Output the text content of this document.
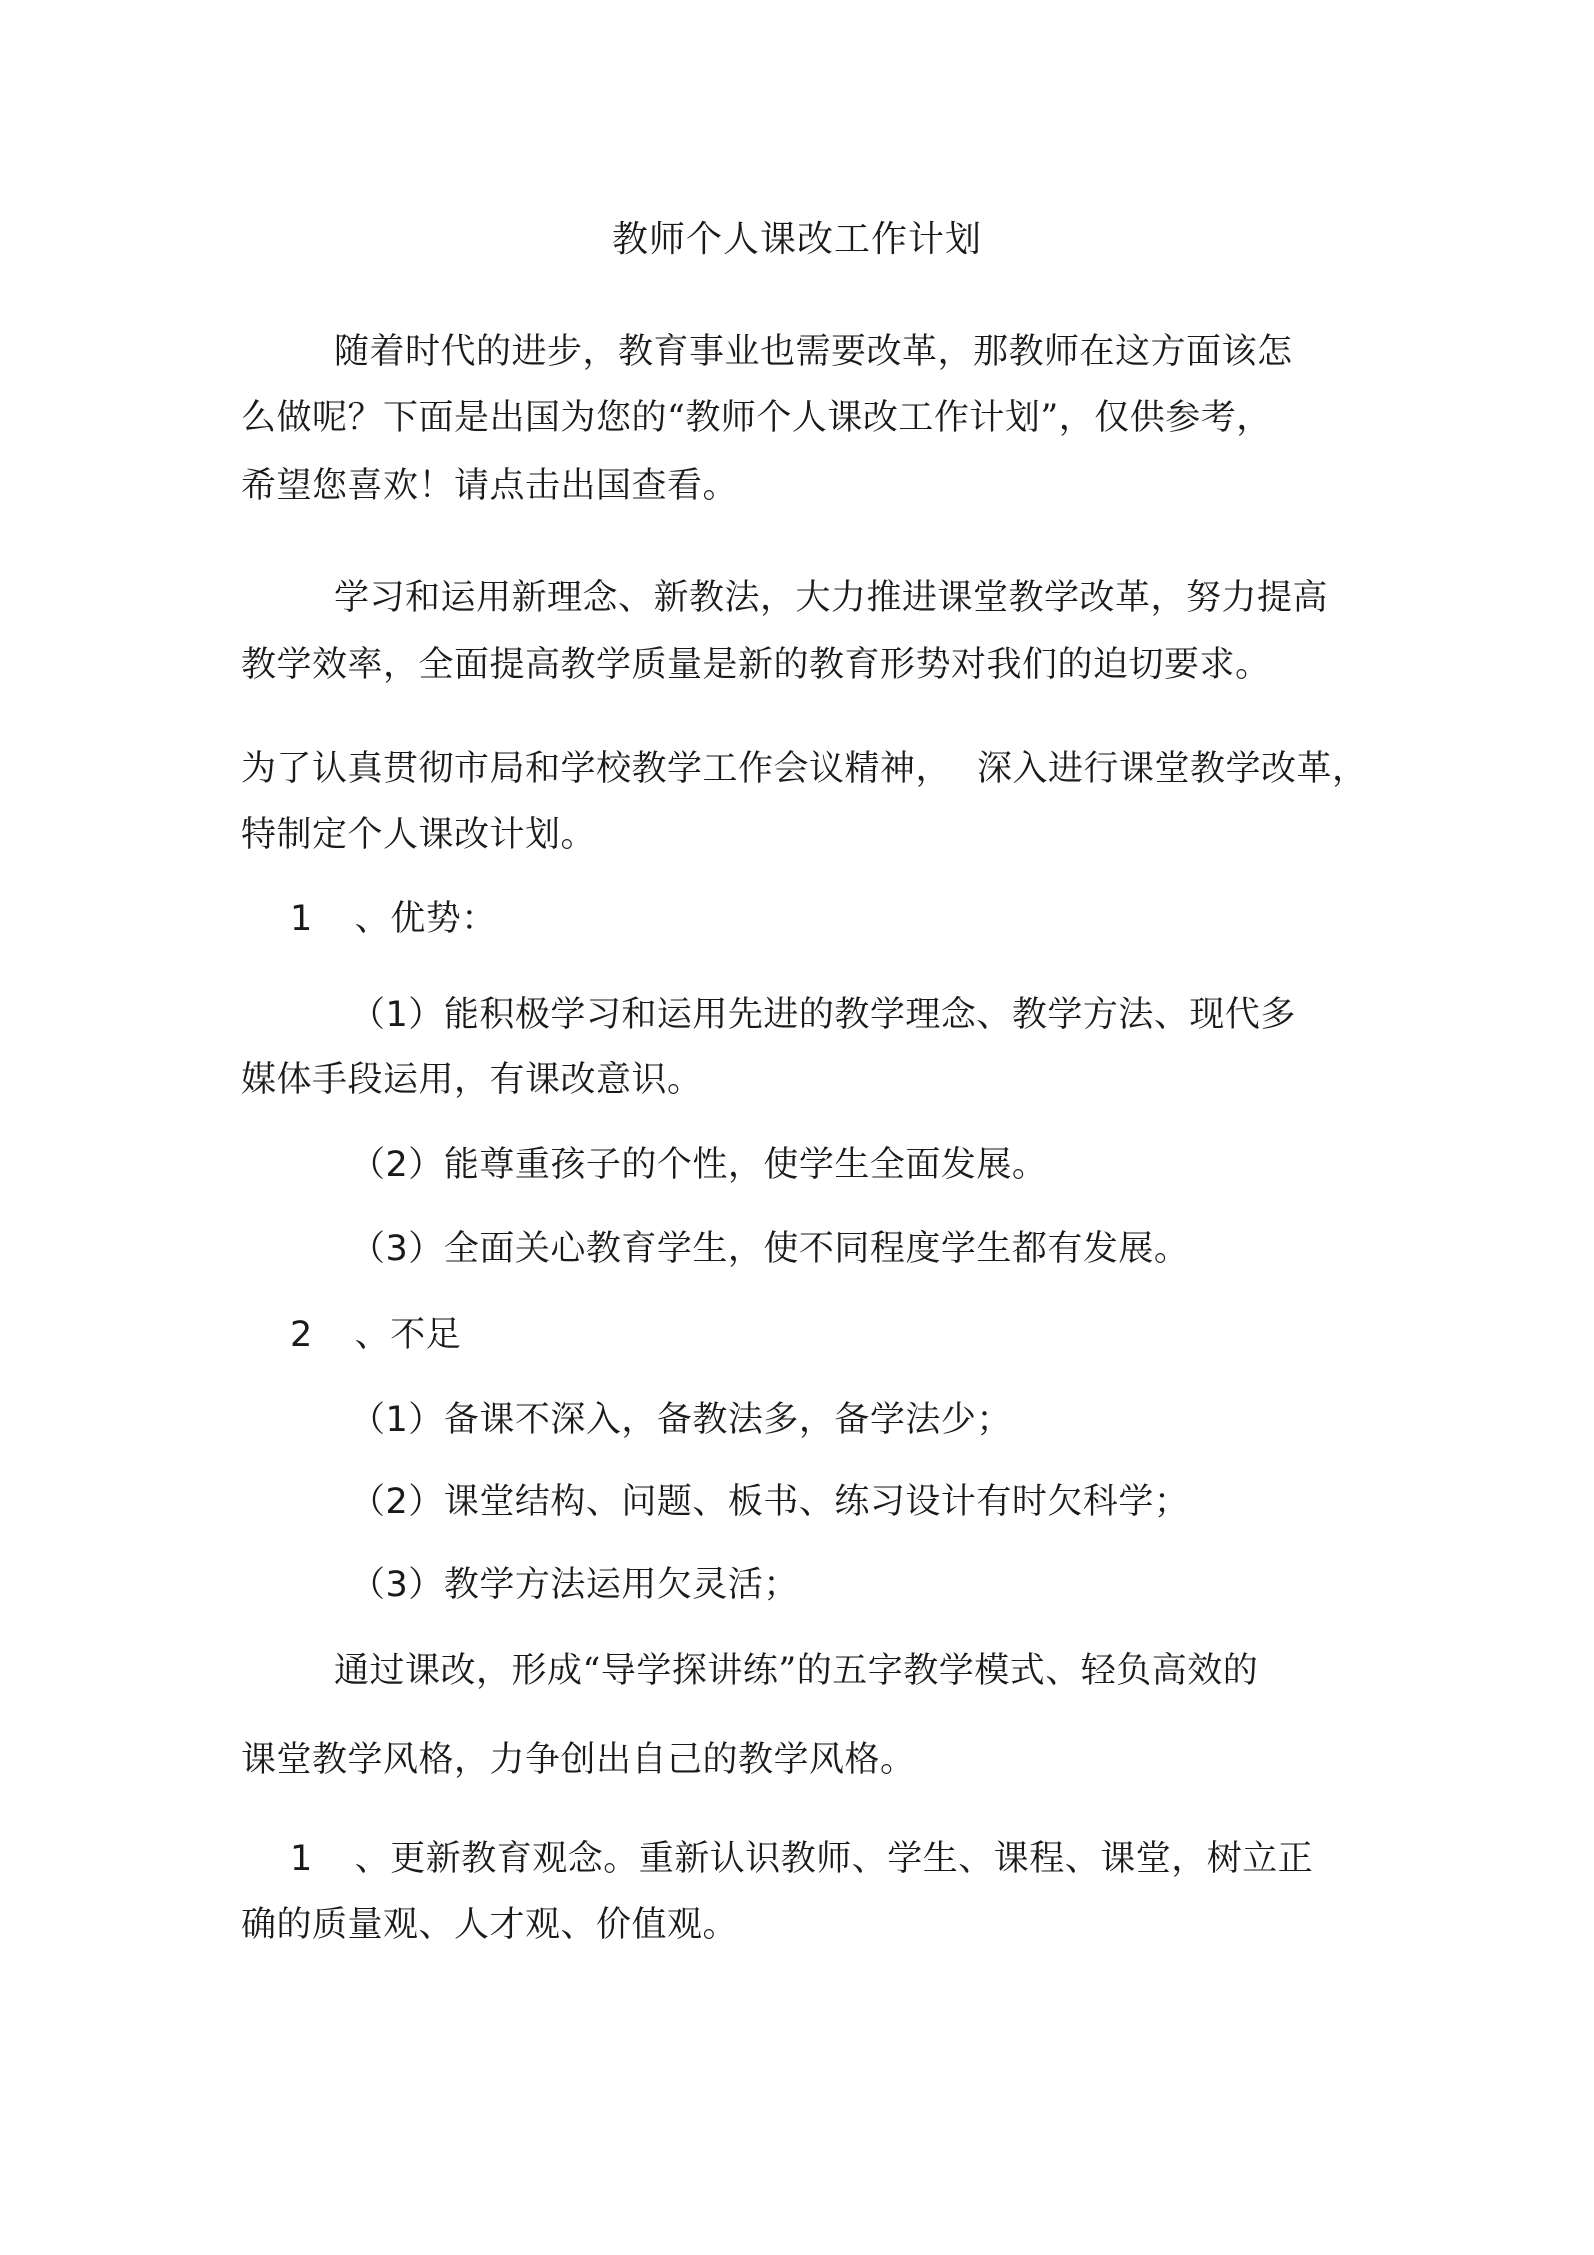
教师个人课改工作计划
随着时代的进步，教育事业也需要改革，那教师在这方面该怎
么做呢？下面是出国为您的“教师个人课改工作计划”，仅供参考，
希望您喜欢！请点击出国查看。
学习和运用新理念、新教法，大力推进课堂教学改革，努力提高
教学效率，全面提高教学质量是新的教育形势对我们的迫切要求。
为了认真贯彻市局和学校教学工作会议精神， 深入进行课堂教学改革，
特制定个人课改计划。
1 、优势：
（1）能积极学习和运用先进的教学理念、教学方法、现代多
媒体手段运用，有课改意识。
（2）能尊重孩子的个性，使学生全面发展。
（3）全面关心教育学生，使不同程度学生都有发展。
2 、不足
（1）备课不深入，备教法多，备学法少；
（2）课堂结构、问题、板书、练习设计有时欠科学；
（3）教学方法运用欠灵活；
通过课改，形成“导学探讲练”的五字教学模式、轻负高效的
课堂教学风格，力争创出自己的教学风格。
1 、更新教育观念。重新认识教师、学生、课程、课堂，树立正
确的质量观、人才观、价值观。
